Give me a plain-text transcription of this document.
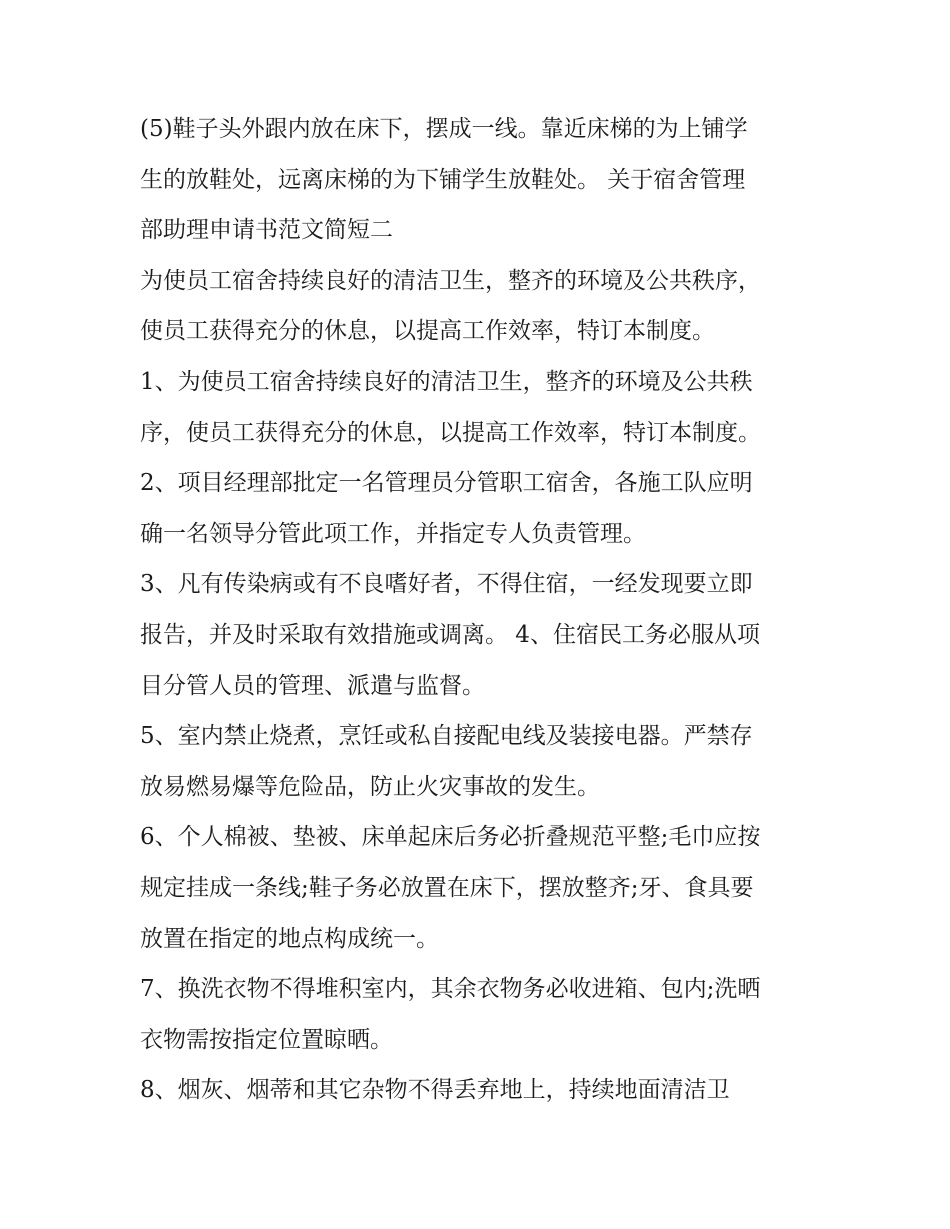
(5)鞋子头外跟内放在床下，摆成一线。靠近床梯的为上铺学
生的放鞋处，远离床梯的为下铺学生放鞋处。 关于宿舍管理
部助理申请书范文简短二
为使员工宿舍持续良好的清洁卫生，整齐的环境及公共秩序，
使员工获得充分的休息，以提高工作效率，特订本制度。
1、为使员工宿舍持续良好的清洁卫生，整齐的环境及公共秩
序，使员工获得充分的休息，以提高工作效率，特订本制度。
2、项目经理部批定一名管理员分管职工宿舍，各施工队应明
确一名领导分管此项工作，并指定专人负责管理。
3、凡有传染病或有不良嗜好者，不得住宿，一经发现要立即
报告，并及时采取有效措施或调离。 4、住宿民工务必服从项
目分管人员的管理、派遣与监督。
5、室内禁止烧煮，烹饪或私自接配电线及装接电器。严禁存
放易燃易爆等危险品，防止火灾事故的发生。
6、个人棉被、垫被、床单起床后务必折叠规范平整;毛巾应按
规定挂成一条线;鞋子务必放置在床下，摆放整齐;牙、食具要
放置在指定的地点构成统一。
7、换洗衣物不得堆积室内，其余衣物务必收进箱、包内;洗晒
衣物需按指定位置晾晒。
8、烟灰、烟蒂和其它杂物不得丢弃地上，持续地面清洁卫
